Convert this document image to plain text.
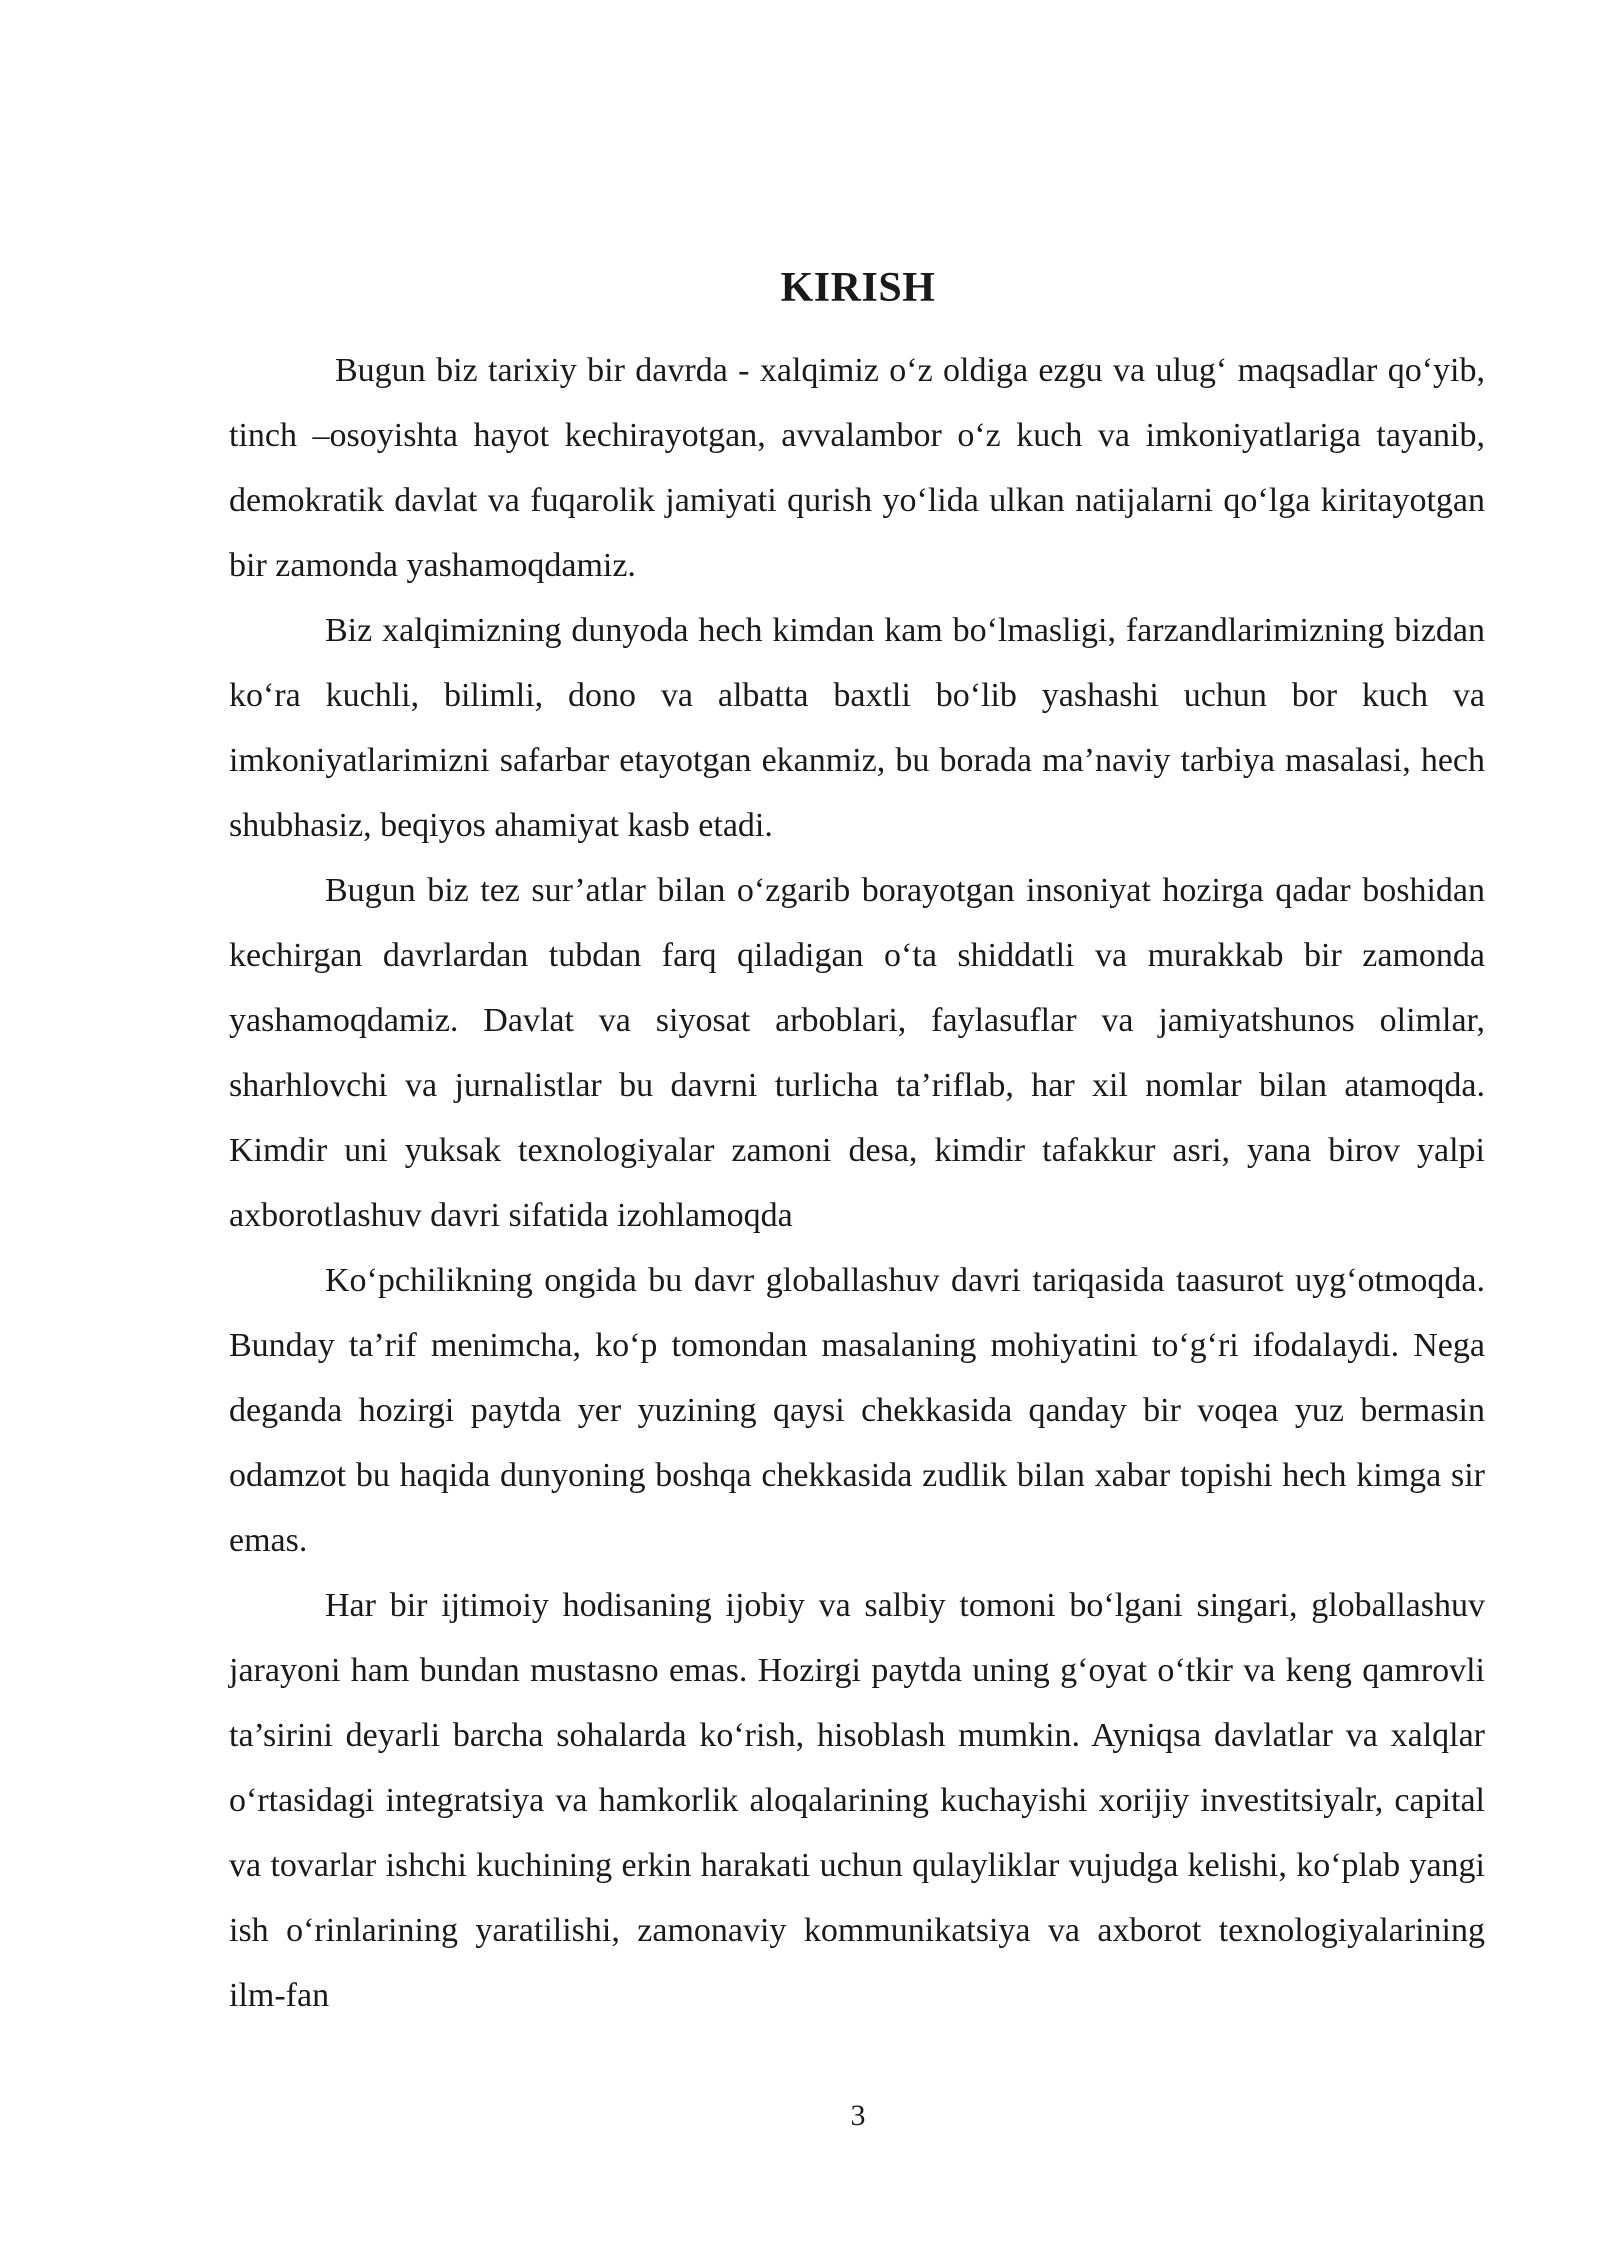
KIRISH

Bugun biz tarixiy bir davrda - xalqimiz o‘z oldiga ezgu va ulug‘ maqsadlar qo‘yib, tinch –osoyishta hayot kechirayotgan, avvalambor o‘z kuch va imkoniyatlariga tayanib, demokratik davlat va fuqarolik jamiyati qurish yo‘lida ulkan natijalarni qo‘lga kiritayotgan bir zamonda yashamoqdamiz.

Biz xalqimizning dunyoda hech kimdan kam bo‘lmasligi, farzandlarimizning bizdan ko‘ra kuchli, bilimli, dono va albatta baxtli bo‘lib yashashi uchun bor kuch va imkoniyatlarimizni safarbar etayotgan ekanmiz, bu borada ma’naviy tarbiya masalasi, hech shubhasiz, beqiyos ahamiyat kasb etadi.

Bugun biz tez sur’atlar bilan o‘zgarib borayotgan insoniyat hozirga qadar boshidan kechirgan davrlardan tubdan farq qiladigan o‘ta shiddatli va murakkab bir zamonda yashamoqdamiz. Davlat va siyosat arboblari, faylasuflar va jamiyatshunos olimlar, sharhlovchi va jurnalistlar bu davrni turlicha ta’riflab, har xil nomlar bilan atamoqda. Kimdir uni yuksak texnologiyalar zamoni desa, kimdir tafakkur asri, yana birov yalpi axborotlashuv davri sifatida izohlamoqda

Ko‘pchilikning ongida bu davr globallashuv davri tariqasida taasurot uyg‘otmoqda. Bunday ta’rif menimcha, ko‘p tomondan masalaning mohiyatini to‘g‘ri ifodalaydi. Nega deganda hozirgi paytda yer yuzining qaysi chekkasida qanday bir voqea yuz bermasin odamzot bu haqida dunyoning boshqa chekkasida zudlik bilan xabar topishi hech kimga sir emas.

Har bir ijtimoiy hodisaning ijobiy va salbiy tomoni bo‘lgani singari, globallashuv jarayoni ham bundan mustasno emas. Hozirgi paytda uning g‘oyat o‘tkir va keng qamrovli ta’sirini deyarli barcha sohalarda ko‘rish, hisoblash mumkin. Ayniqsa davlatlar va xalqlar o‘rtasidagi integratsiya va hamkorlik aloqalarining kuchayishi xorijiy investitsiyalr, capital va tovarlar ishchi kuchining erkin harakati uchun qulayliklar vujudga kelishi, ko‘plab yangi ish o‘rinlarining yaratilishi, zamonaviy kommunikatsiya va axborot texnologiyalarining ilm-fan

3
